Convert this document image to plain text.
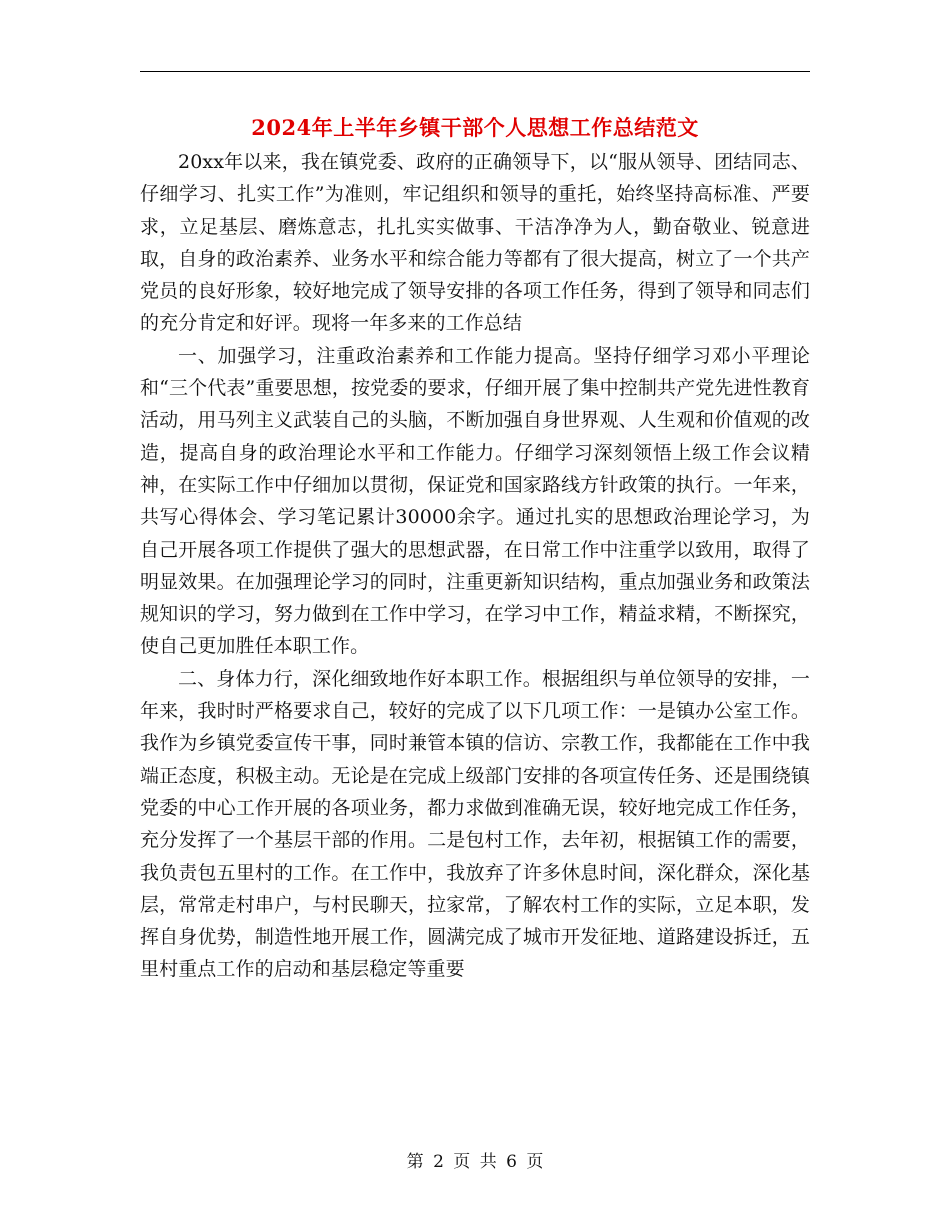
2024年上半年乡镇干部个人思想工作总结范文

20xx年以来，我在镇党委、政府的正确领导下，以“服从领导、团结同志、仔细学习、扎实工作”为准则，牢记组织和领导的重托，始终坚持高标准、严要求，立足基层、磨炼意志，扎扎实实做事、干洁净净为人，勤奋敬业、锐意进取，自身的政治素养、业务水平和综合能力等都有了很大提高，树立了一个共产党员的良好形象，较好地完成了领导安排的各项工作任务，得到了领导和同志们的充分肯定和好评。现将一年多来的工作总结

一、加强学习，注重政治素养和工作能力提高。坚持仔细学习邓小平理论和“三个代表”重要思想，按党委的要求，仔细开展了集中控制共产党先进性教育活动，用马列主义武装自己的头脑，不断加强自身世界观、人生观和价值观的改造，提高自身的政治理论水平和工作能力。仔细学习深刻领悟上级工作会议精神，在实际工作中仔细加以贯彻，保证党和国家路线方针政策的执行。一年来，共写心得体会、学习笔记累计30000余字。通过扎实的思想政治理论学习，为自己开展各项工作提供了强大的思想武器，在日常工作中注重学以致用，取得了明显效果。在加强理论学习的同时，注重更新知识结构，重点加强业务和政策法规知识的学习，努力做到在工作中学习，在学习中工作，精益求精，不断探究，使自己更加胜任本职工作。

二、身体力行，深化细致地作好本职工作。根据组织与单位领导的安排，一年来，我时时严格要求自己，较好的完成了以下几项工作：一是镇办公室工作。我作为乡镇党委宣传干事，同时兼管本镇的信访、宗教工作，我都能在工作中我端正态度，积极主动。无论是在完成上级部门安排的各项宣传任务、还是围绕镇党委的中心工作开展的各项业务，都力求做到准确无误，较好地完成工作任务，充分发挥了一个基层干部的作用。二是包村工作，去年初，根据镇工作的需要，我负责包五里村的工作。在工作中，我放弃了许多休息时间，深化群众，深化基层，常常走村串户，与村民聊天，拉家常，了解农村工作的实际，立足本职，发挥自身优势，制造性地开展工作，圆满完成了城市开发征地、道路建设拆迁，五里村重点工作的启动和基层稳定等重要

第 2 页 共 6 页
